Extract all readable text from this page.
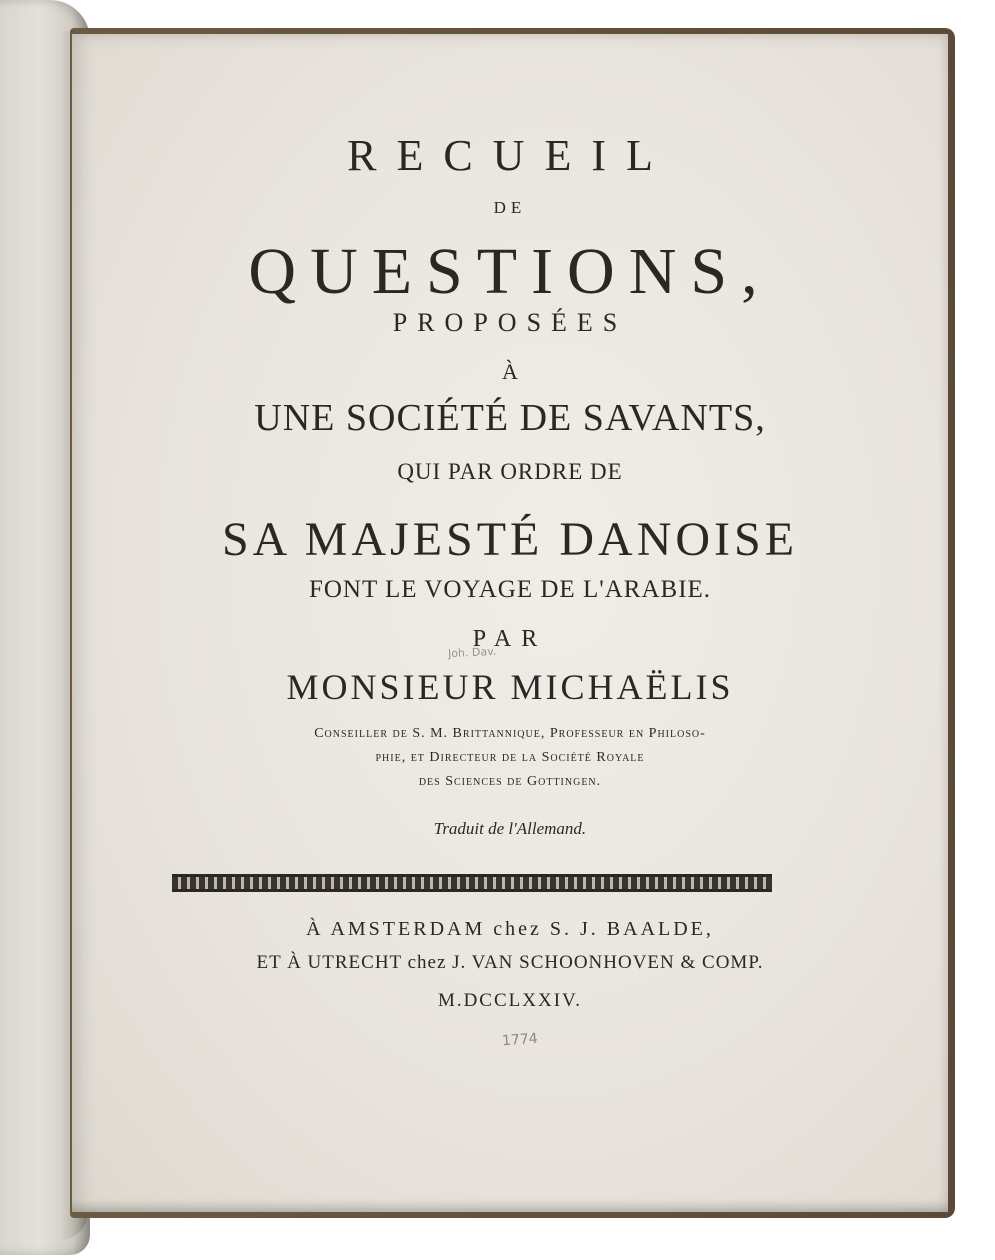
RECUEIL
DE
QUESTIONS,
PROPOSÉES
À
UNE SOCIÉTÉ DE SAVANTS,
QUI PAR ORDRE DE
SA MAJESTÉ DANOISE
FONT LE VOYAGE DE L'ARABIE.
PAR
Joh. Dav.
MONSIEUR MICHAËLIS
Conseiller de S. M. Brittannique, Professeur en Philoso-
phie, et Directeur de la Société Royale
des Sciences de Gottingen.
Traduit de l'Allemand.
À AMSTERDAM chez S. J. BAALDE,
ET À UTRECHT chez J. VAN SCHOONHOVEN & COMP.
M.DCCLXXIV.
1774
